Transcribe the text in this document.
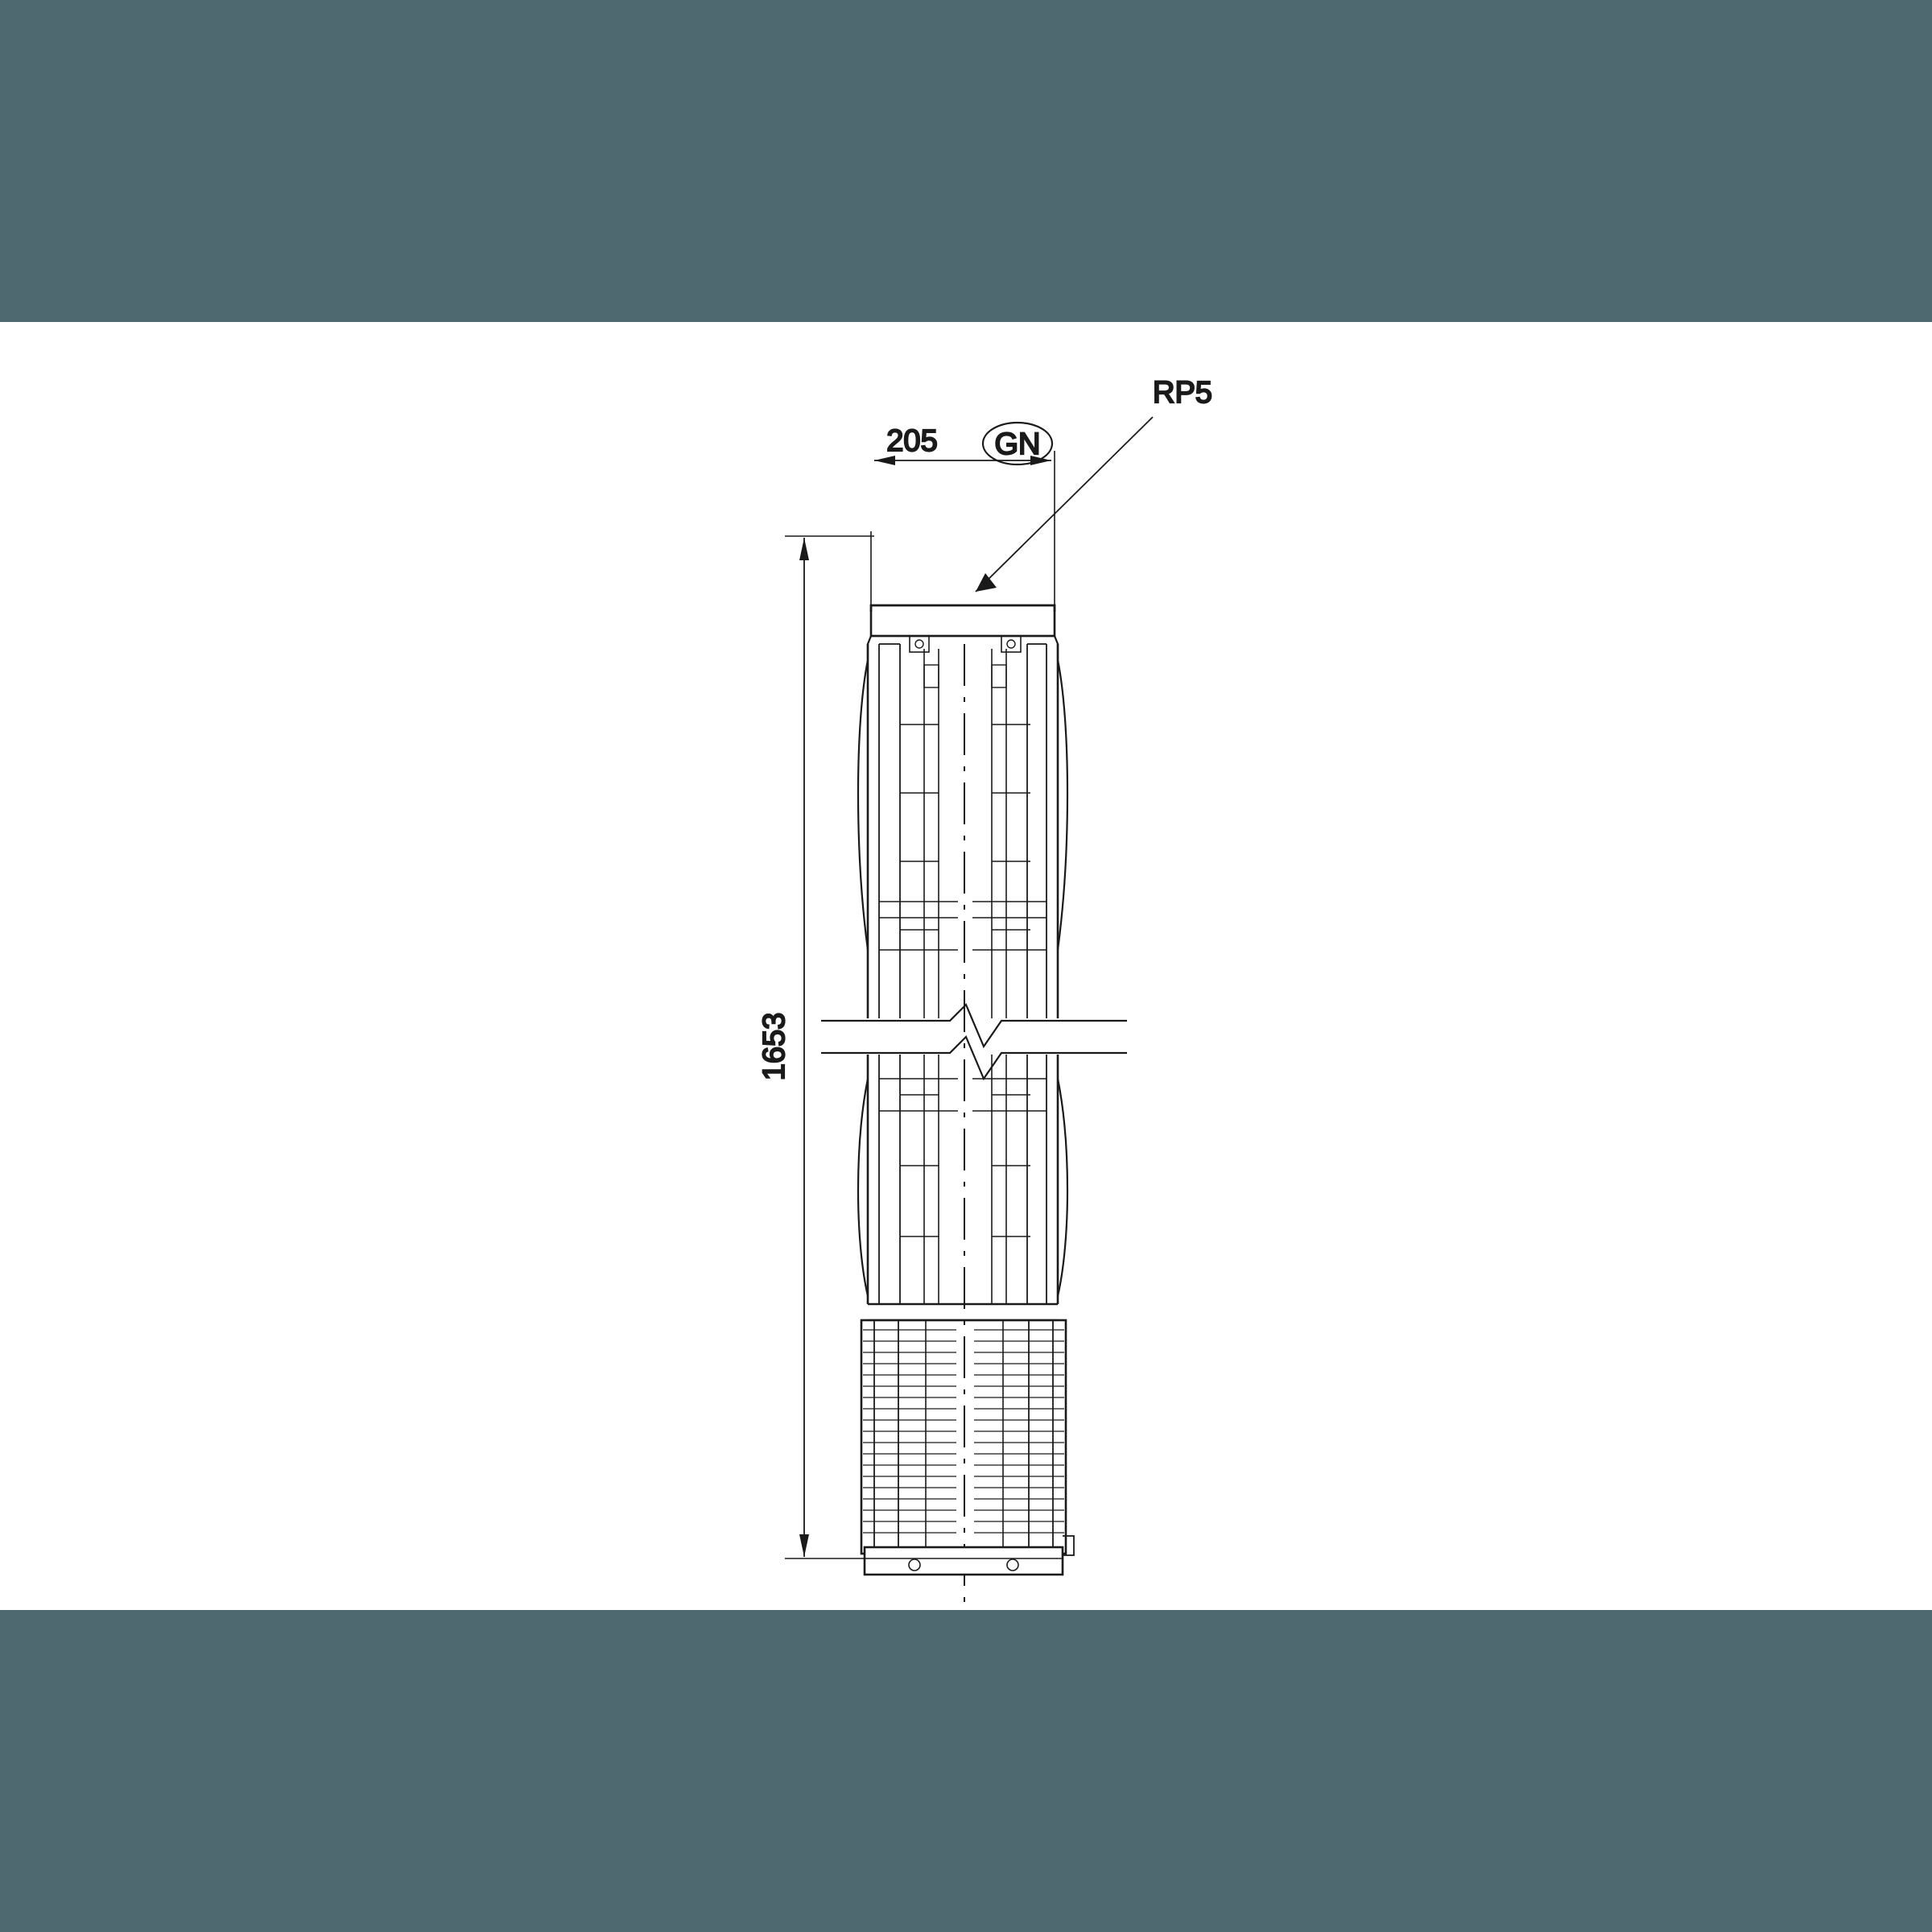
205 GN
RP5
1653
